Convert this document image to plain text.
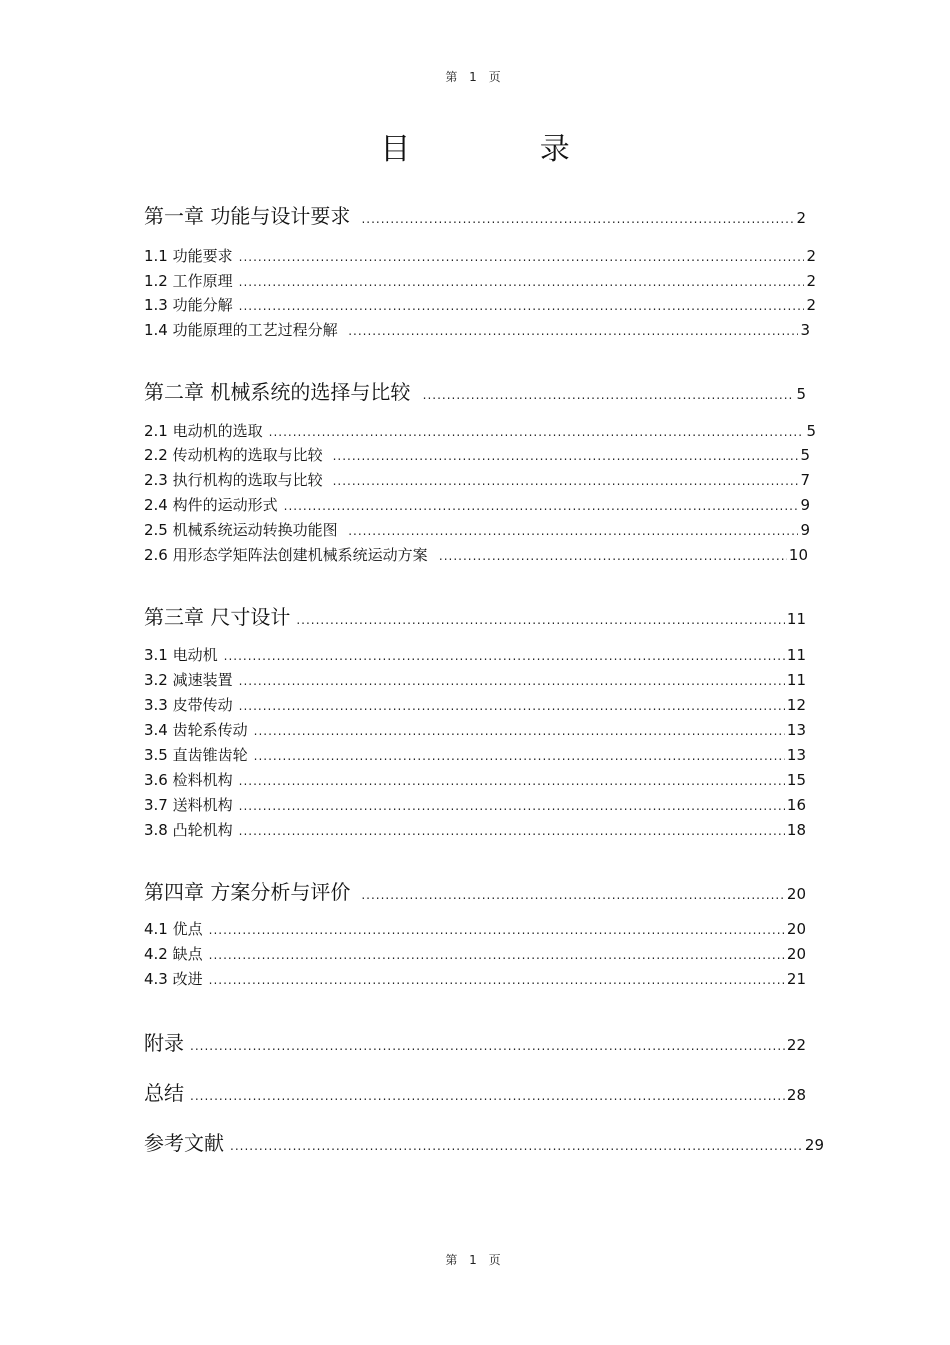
第 1 页
目 录
第一章 功能与设计要求 .....	2
1.1 功能要求 .....	2
1.2 工作原理 .....	2
1.3 功能分解 .....	2
1.4 功能原理的工艺过程分解 .....	3
第二章 机械系统的选择与比较 .....	5
2.1 电动机的选取 .....	5
2.2 传动机构的选取与比较 .....	5
2.3 执行机构的选取与比较 .....	7
2.4 构件的运动形式 .....	9
2.5 机械系统运动转换功能图 .....	9
2.6 用形态学矩阵法创建机械系统运动方案 .....	10
第三章 尺寸设计 .....	11
3.1 电动机 .....	11
3.2 减速装置 .....	11
3.3 皮带传动 .....	12
3.4 齿轮系传动 .....	13
3.5 直齿锥齿轮 .....	13
3.6 检料机构 .....	15
3.7 送料机构 .....	16
3.8 凸轮机构 .....	18
第四章 方案分析与评价 .....	20
4.1 优点 .....	20
4.2 缺点 .....	20
4.3 改进 .....	21
附录 .....	22
总结 .....	28
参考文献 .....	29
第 1 页
